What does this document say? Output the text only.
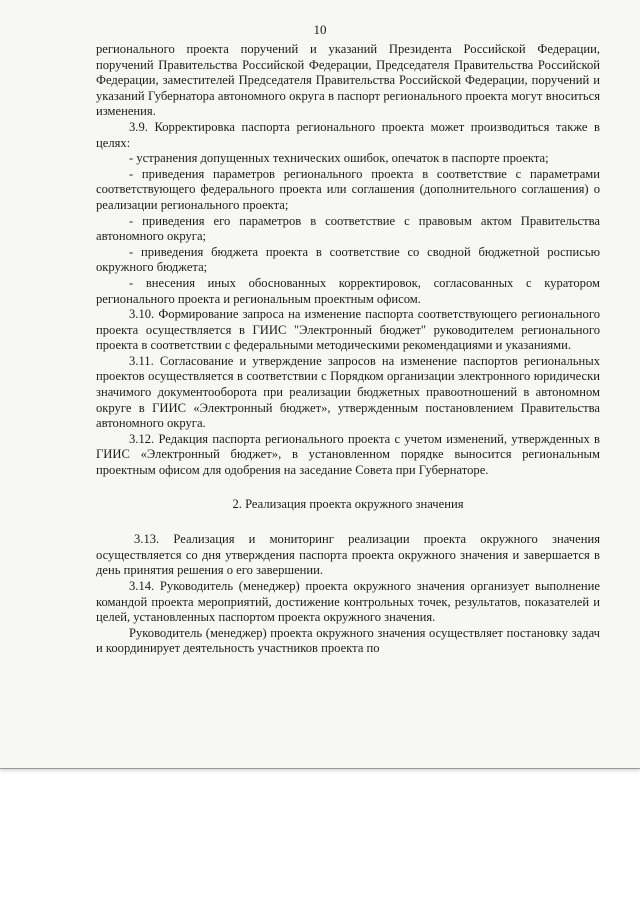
10

регионального проекта поручений и указаний Президента Российской Федерации, поручений Правительства Российской Федерации, Председателя Правительства Российской Федерации, заместителей Председателя Правительства Российской Федерации, поручений и указаний Губернатора автономного округа в паспорт регионального проекта могут вноситься изменения.

3.9. Корректировка паспорта регионального проекта может производиться также в целях:

- устранения допущенных технических ошибок, опечаток в паспорте проекта;

- приведения параметров регионального проекта в соответствие с параметрами соответствующего федерального проекта или соглашения (дополнительного соглашения) о реализации регионального проекта;

- приведения его параметров в соответствие с правовым актом Правительства автономного округа;

- приведения бюджета проекта в соответствие со сводной бюджетной росписью окружного бюджета;

- внесения иных обоснованных корректировок, согласованных с куратором регионального проекта и региональным проектным офисом.

3.10. Формирование запроса на изменение паспорта соответствующего регионального проекта осуществляется в ГИИС "Электронный бюджет" руководителем регионального проекта в соответствии с федеральными методическими рекомендациями и указаниями.

3.11. Согласование и утверждение запросов на изменение паспортов региональных проектов осуществляется в соответствии с Порядком организации электронного юридически значимого документооборота при реализации бюджетных правоотношений в автономном округе в ГИИС «Электронный бюджет», утвержденным постановлением Правительства автономного округа.

3.12. Редакция паспорта регионального проекта с учетом изменений, утвержденных в ГИИС «Электронный бюджет», в установленном порядке выносится региональным проектным офисом для одобрения на заседание Совета при Губернаторе.

2. Реализация проекта окружного значения

3.13. Реализация и мониторинг реализации проекта окружного значения осуществляется со дня утверждения паспорта проекта окружного значения и завершается в день принятия решения о его завершении.

3.14. Руководитель (менеджер) проекта окружного значения организует выполнение командой проекта мероприятий, достижение контрольных точек, результатов, показателей и целей, установленных паспортом проекта окружного значения.

Руководитель (менеджер) проекта окружного значения осуществляет постановку задач и координирует деятельность участников проекта по
